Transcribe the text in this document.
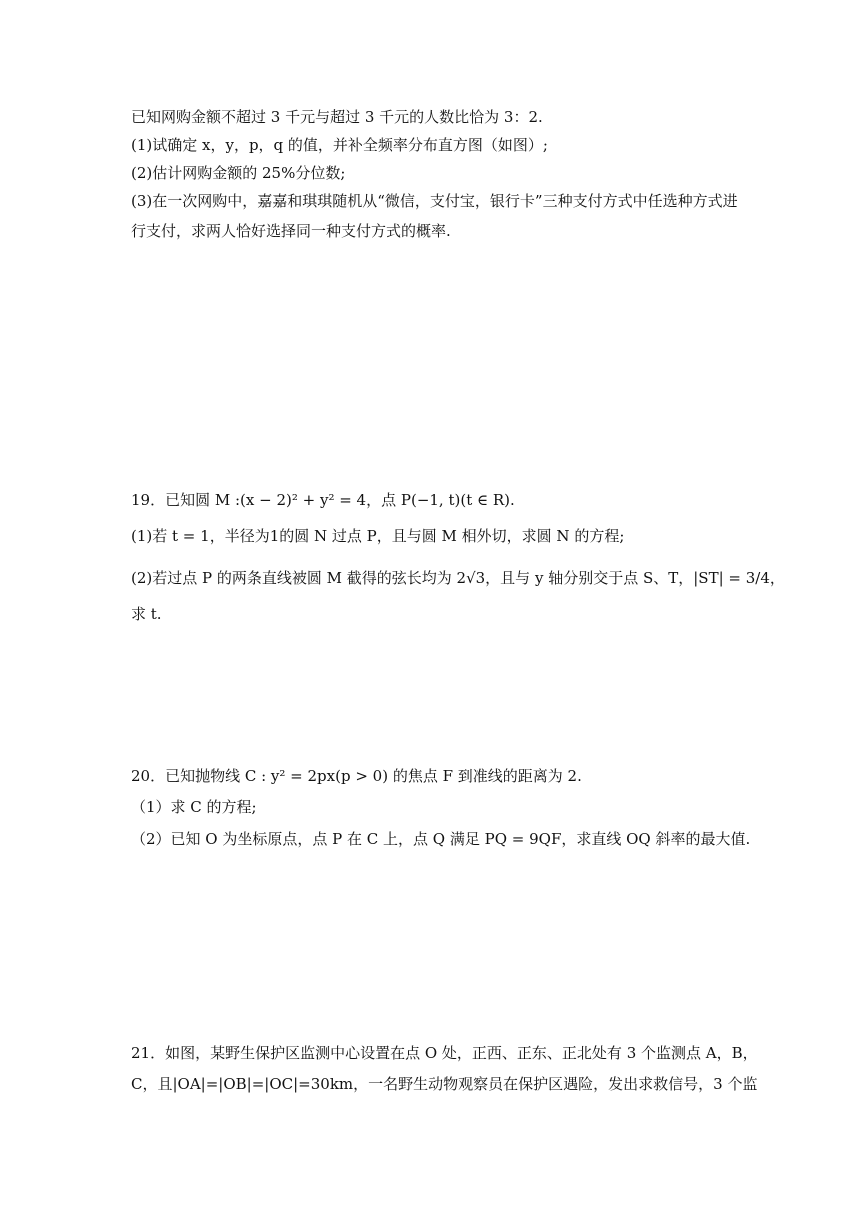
已知网购金额不超过 3 千元与超过 3 千元的人数比恰为 3：2.
(1)试确定 x，y，p，q 的值，并补全频率分布直方图（如图）;
(2)估计网购金额的 25%分位数;
(3)在一次网购中，嘉嘉和琪琪随机从“微信，支付宝，银行卡”三种支付方式中任选种方式进
行支付，求两人恰好选择同一种支付方式的概率.
19．已知圆 M :(x − 2)² + y² = 4，点 P(−1, t)(t ∈ R).
(1)若 t = 1，半径为1的圆 N 过点 P，且与圆 M 相外切，求圆 N 的方程;
(2)若过点 P 的两条直线被圆 M 截得的弦长均为 2√3，且与 y 轴分别交于点 S、T，|ST| = 3/4，
求 t.
20．已知抛物线 C : y² = 2px(p > 0) 的焦点 F 到准线的距离为 2.
（1）求 C 的方程;
（2）已知 O 为坐标原点，点 P 在 C 上，点 Q 满足 PQ = 9QF，求直线 OQ 斜率的最大值.
21．如图，某野生保护区监测中心设置在点 O 处，正西、正东、正北处有 3 个监测点 A，B，
C，且|OA|=|OB|=|OC|=30km，一名野生动物观察员在保护区遇险，发出求救信号，3 个监
